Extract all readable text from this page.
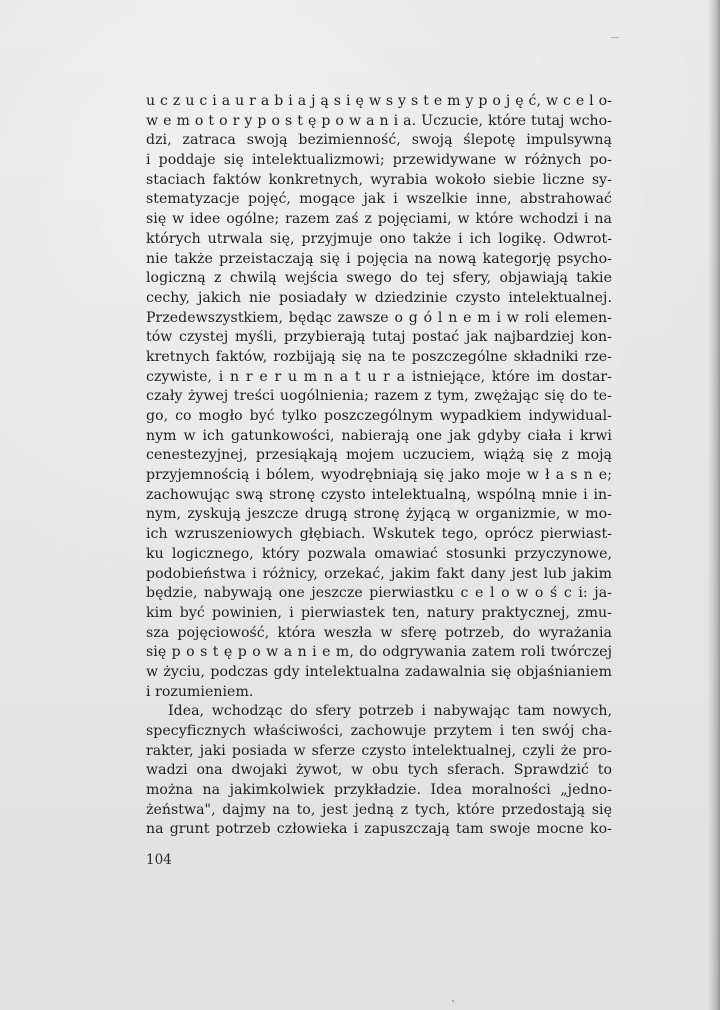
u c z u c i a u r a b i a j ą s i ę w s y s t e m y p o j ę ć, w c e l o-
w e m o t o r y p o s t ę p o w a n i a. Uczucie, które tutaj wcho-
dzi, zatraca swoją bezimienność, swoją ślepotę impulsywną
i poddaje się intelektualizmowi; przewidywane w różnych po-
staciach faktów konkretnych, wyrabia wokoło siebie liczne sy-
stematyzacje pojęć, mogące jak i wszelkie inne, abstrahować
się w idee ogólne; razem zaś z pojęciami, w które wchodzi i na
których utrwala się, przyjmuje ono także i ich logikę. Odwrot-
nie także przeistaczają się i pojęcia na nową kategorję psycho-
logiczną z chwilą wejścia swego do tej sfery, objawiają takie
cechy, jakich nie posiadały w dziedzinie czysto intelektualnej.
Przedewszystkiem, będąc zawsze o g ó l n e m i w roli elemen-
tów czystej myśli, przybierają tutaj postać jak najbardziej kon-
kretnych faktów, rozbijają się na te poszczególne składniki rze-
czywiste, i n r e r u m n a t u r a istniejące, które im dostar-
czały żywej treści uogólnienia; razem z tym, zwężając się do te-
go, co mogło być tylko poszczególnym wypadkiem indywidual-
nym w ich gatunkowości, nabierają one jak gdyby ciała i krwi
cenestezyjnej, przesiąkają mojem uczuciem, wiążą się z moją
przyjemnością i bólem, wyodrębniają się jako moje w ł a s n e;
zachowując swą stronę czysto intelektualną, wspólną mnie i in-
nym, zyskują jeszcze drugą stronę żyjącą w organizmie, w mo-
ich wzruszeniowych głębiach. Wskutek tego, oprócz pierwiast-
ku logicznego, który pozwala omawiać stosunki przyczynowe,
podobieństwa i różnicy, orzekać, jakim fakt dany jest lub jakim
będzie, nabywają one jeszcze pierwiastku c e l o w o ś c i: ja-
kim być powinien, i pierwiastek ten, natury praktycznej, zmu-
sza pojęciowość, która weszła w sferę potrzeb, do wyrażania
się p o s t ę p o w a n i e m, do odgrywania zatem roli twórczej
w życiu, podczas gdy intelektualna zadawalnia się objaśnianiem
i rozumieniem.
Idea, wchodząc do sfery potrzeb i nabywając tam nowych,
specyficznych właściwości, zachowuje przytem i ten swój cha-
rakter, jaki posiada w sferze czysto intelektualnej, czyli że pro-
wadzi ona dwojaki żywot, w obu tych sferach. Sprawdzić to
można na jakimkolwiek przykładzie. Idea moralności „jedno-
żeństwa", dajmy na to, jest jedną z tych, które przedostają się
na grunt potrzeb człowieka i zapuszczają tam swoje mocne ko-
104
